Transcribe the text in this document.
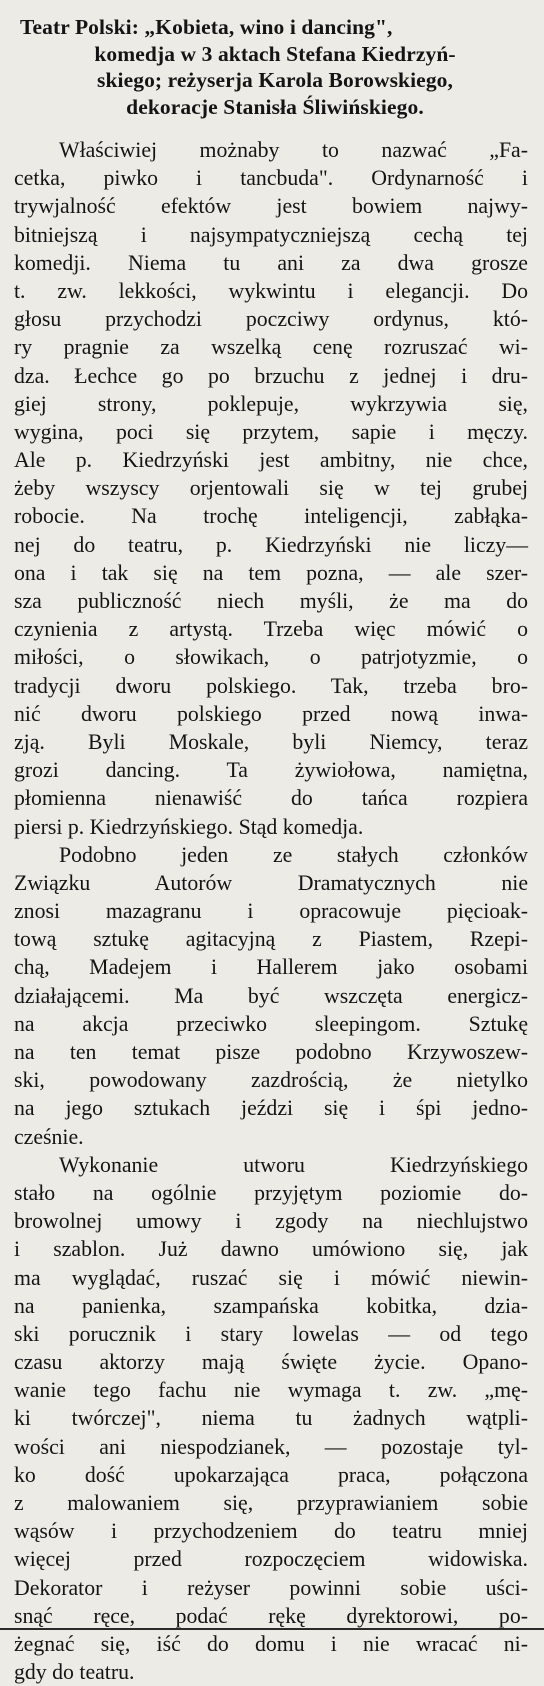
Teatr Polski: „Kobieta, wino i dancing",
komedja w 3 aktach Stefana Kiedrzyń-
skiego; reżyserja Karola Borowskiego,
dekoracje Stanisła Śliwińskiego.
Właściwiej możnaby to nazwać „Fa-
cetka, piwko i tancbuda". Ordynarność i
trywjalność efektów jest bowiem najwy-
bitniejszą i najsympatyczniejszą cechą tej
komedji. Niema tu ani za dwa grosze
t. zw. lekkości, wykwintu i elegancji. Do
głosu przychodzi poczciwy ordynus, któ-
ry pragnie za wszelką cenę rozruszać wi-
dza. Łechce go po brzuchu z jednej i dru-
giej strony, poklepuje, wykrzywia się,
wygina, poci się przytem, sapie i męczy.
Ale p. Kiedrzyński jest ambitny, nie chce,
żeby wszyscy orjentowali się w tej grubej
robocie. Na trochę inteligencji, zabłąka-
nej do teatru, p. Kiedrzyński nie liczy—
ona i tak się na tem pozna, — ale szer-
sza publiczność niech myśli, że ma do
czynienia z artystą. Trzeba więc mówić o
miłości, o słowikach, o patrjotyzmie, o
tradycji dworu polskiego. Tak, trzeba bro-
nić dworu polskiego przed nową inwa-
zją. Byli Moskale, byli Niemcy, teraz
grozi dancing. Ta żywiołowa, namiętna,
płomienna nienawiść do tańca rozpiera
piersi p. Kiedrzyńskiego. Stąd komedja.
Podobno jeden ze stałych członków
Związku Autorów Dramatycznych nie
znosi mazagranu i opracowuje pięcioak-
tową sztukę agitacyjną z Piastem, Rzepi-
chą, Madejem i Hallerem jako osobami
działającemi. Ma być wszczęta energicz-
na akcja przeciwko sleepingom. Sztukę
na ten temat pisze podobno Krzywoszew-
ski, powodowany zazdrością, że nietylko
na jego sztukach jeździ się i śpi jedno-
cześnie.
Wykonanie utworu Kiedrzyńskiego
stało na ogólnie przyjętym poziomie do-
browolnej umowy i zgody na niechlujstwo
i szablon. Już dawno umówiono się, jak
ma wyglądać, ruszać się i mówić niewin-
na panienka, szampańska kobitka, dzia-
ski porucznik i stary lowelas — od tego
czasu aktorzy mają święte życie. Opano-
wanie tego fachu nie wymaga t. zw. „mę-
ki twórczej", niema tu żadnych wątpli-
wości ani niespodzianek, — pozostaje tyl-
ko dość upokarzająca praca, połączona
z malowaniem się, przyprawianiem sobie
wąsów i przychodzeniem do teatru mniej
więcej przed rozpoczęciem widowiska.
Dekorator i reżyser powinni sobie uści-
snąć ręce, podać rękę dyrektorowi, po-
żegnać się, iść do domu i nie wracać ni-
gdy do teatru.
